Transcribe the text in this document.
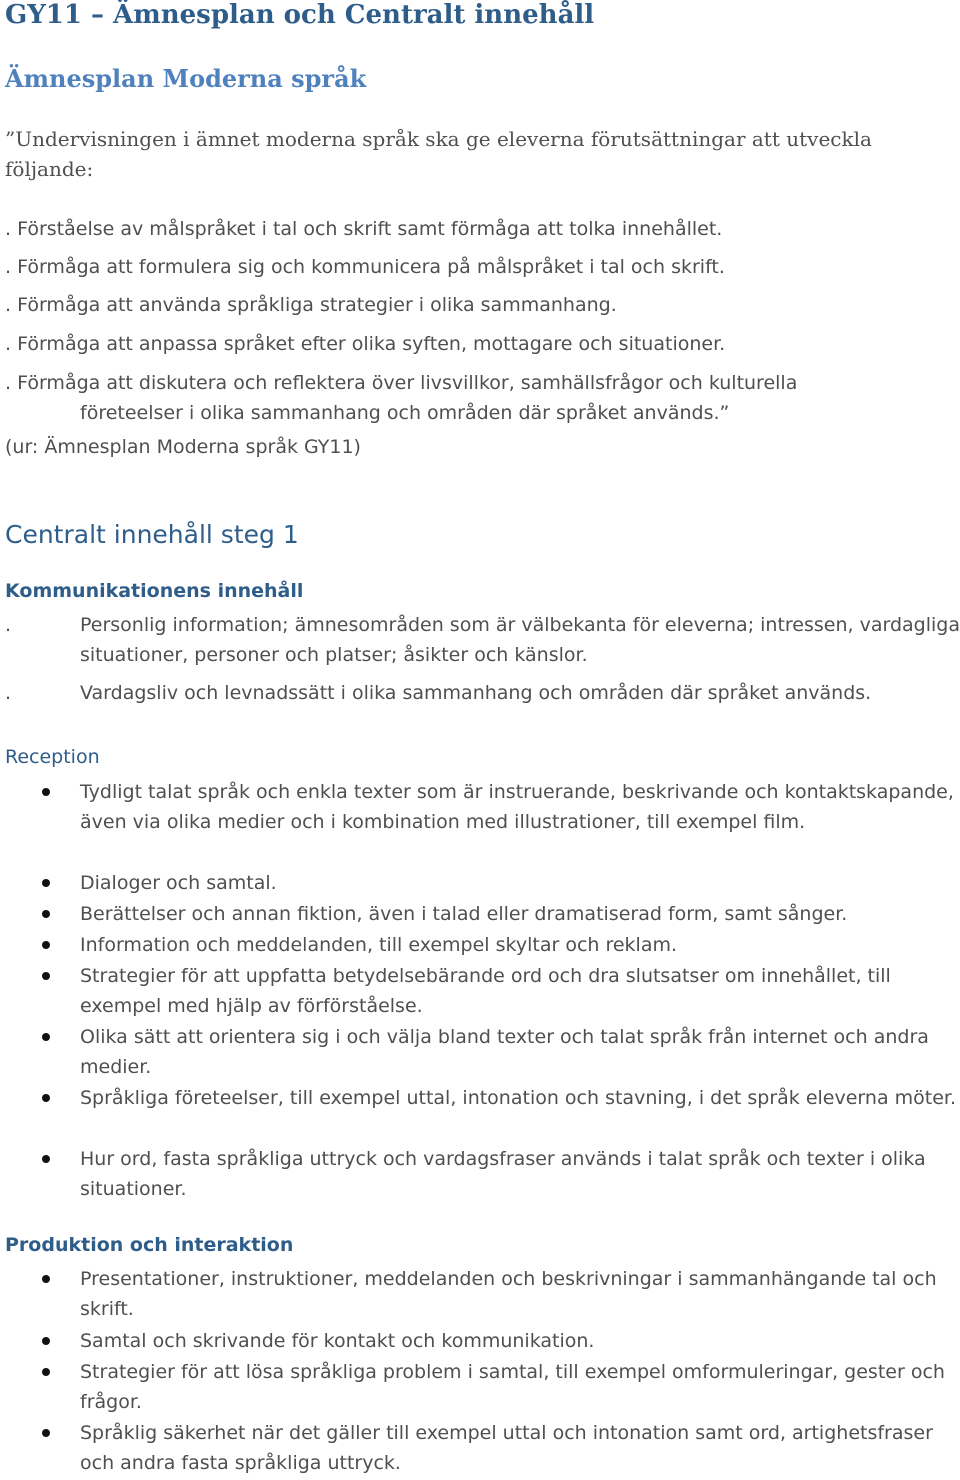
GY11 – Ämnesplan och Centralt innehåll
Ämnesplan Moderna språk
”Undervisningen i ämnet moderna språk ska ge eleverna förutsättningar att utveckla följande:
. Förståelse av målspråket i tal och skrift samt förmåga att tolka innehållet.
. Förmåga att formulera sig och kommunicera på målspråket i tal och skrift.
. Förmåga att använda språkliga strategier i olika sammanhang.
. Förmåga att anpassa språket efter olika syften, mottagare och situationer.
. Förmåga att diskutera och reflektera över livsvillkor, samhällsfrågor och kulturella
företeelser i olika sammanhang och områden där språket används.”
(ur: Ämnesplan Moderna språk GY11)
Centralt innehåll steg 1
Kommunikationens innehåll
.	Personlig information; ämnesområden som är välbekanta för eleverna; intressen, vardagliga situationer, personer och platser; åsikter och känslor.
.	Vardagsliv och levnadssätt i olika sammanhang och områden där språket används.
Reception
Tydligt talat språk och enkla texter som är instruerande, beskrivande och kontaktskapande, även via olika medier och i kombination med illustrationer, till exempel film.
Dialoger och samtal.
Berättelser och annan fiktion, även i talad eller dramatiserad form, samt sånger.
Information och meddelanden, till exempel skyltar och reklam.
Strategier för att uppfatta betydelsebärande ord och dra slutsatser om innehållet, till exempel med hjälp av förförståelse.
Olika sätt att orientera sig i och välja bland texter och talat språk från internet och andra medier.
Språkliga företeelser, till exempel uttal, intonation och stavning, i det språk eleverna möter.
Hur ord, fasta språkliga uttryck och vardagsfraser används i talat språk och texter i olika situationer.
Produktion och interaktion
Presentationer, instruktioner, meddelanden och beskrivningar i sammanhängande tal och skrift.
Samtal och skrivande för kontakt och kommunikation.
Strategier för att lösa språkliga problem i samtal, till exempel omformuleringar, gester och frågor.
Språklig säkerhet när det gäller till exempel uttal och intonation samt ord, artighetsfraser och andra fasta språkliga uttryck.
